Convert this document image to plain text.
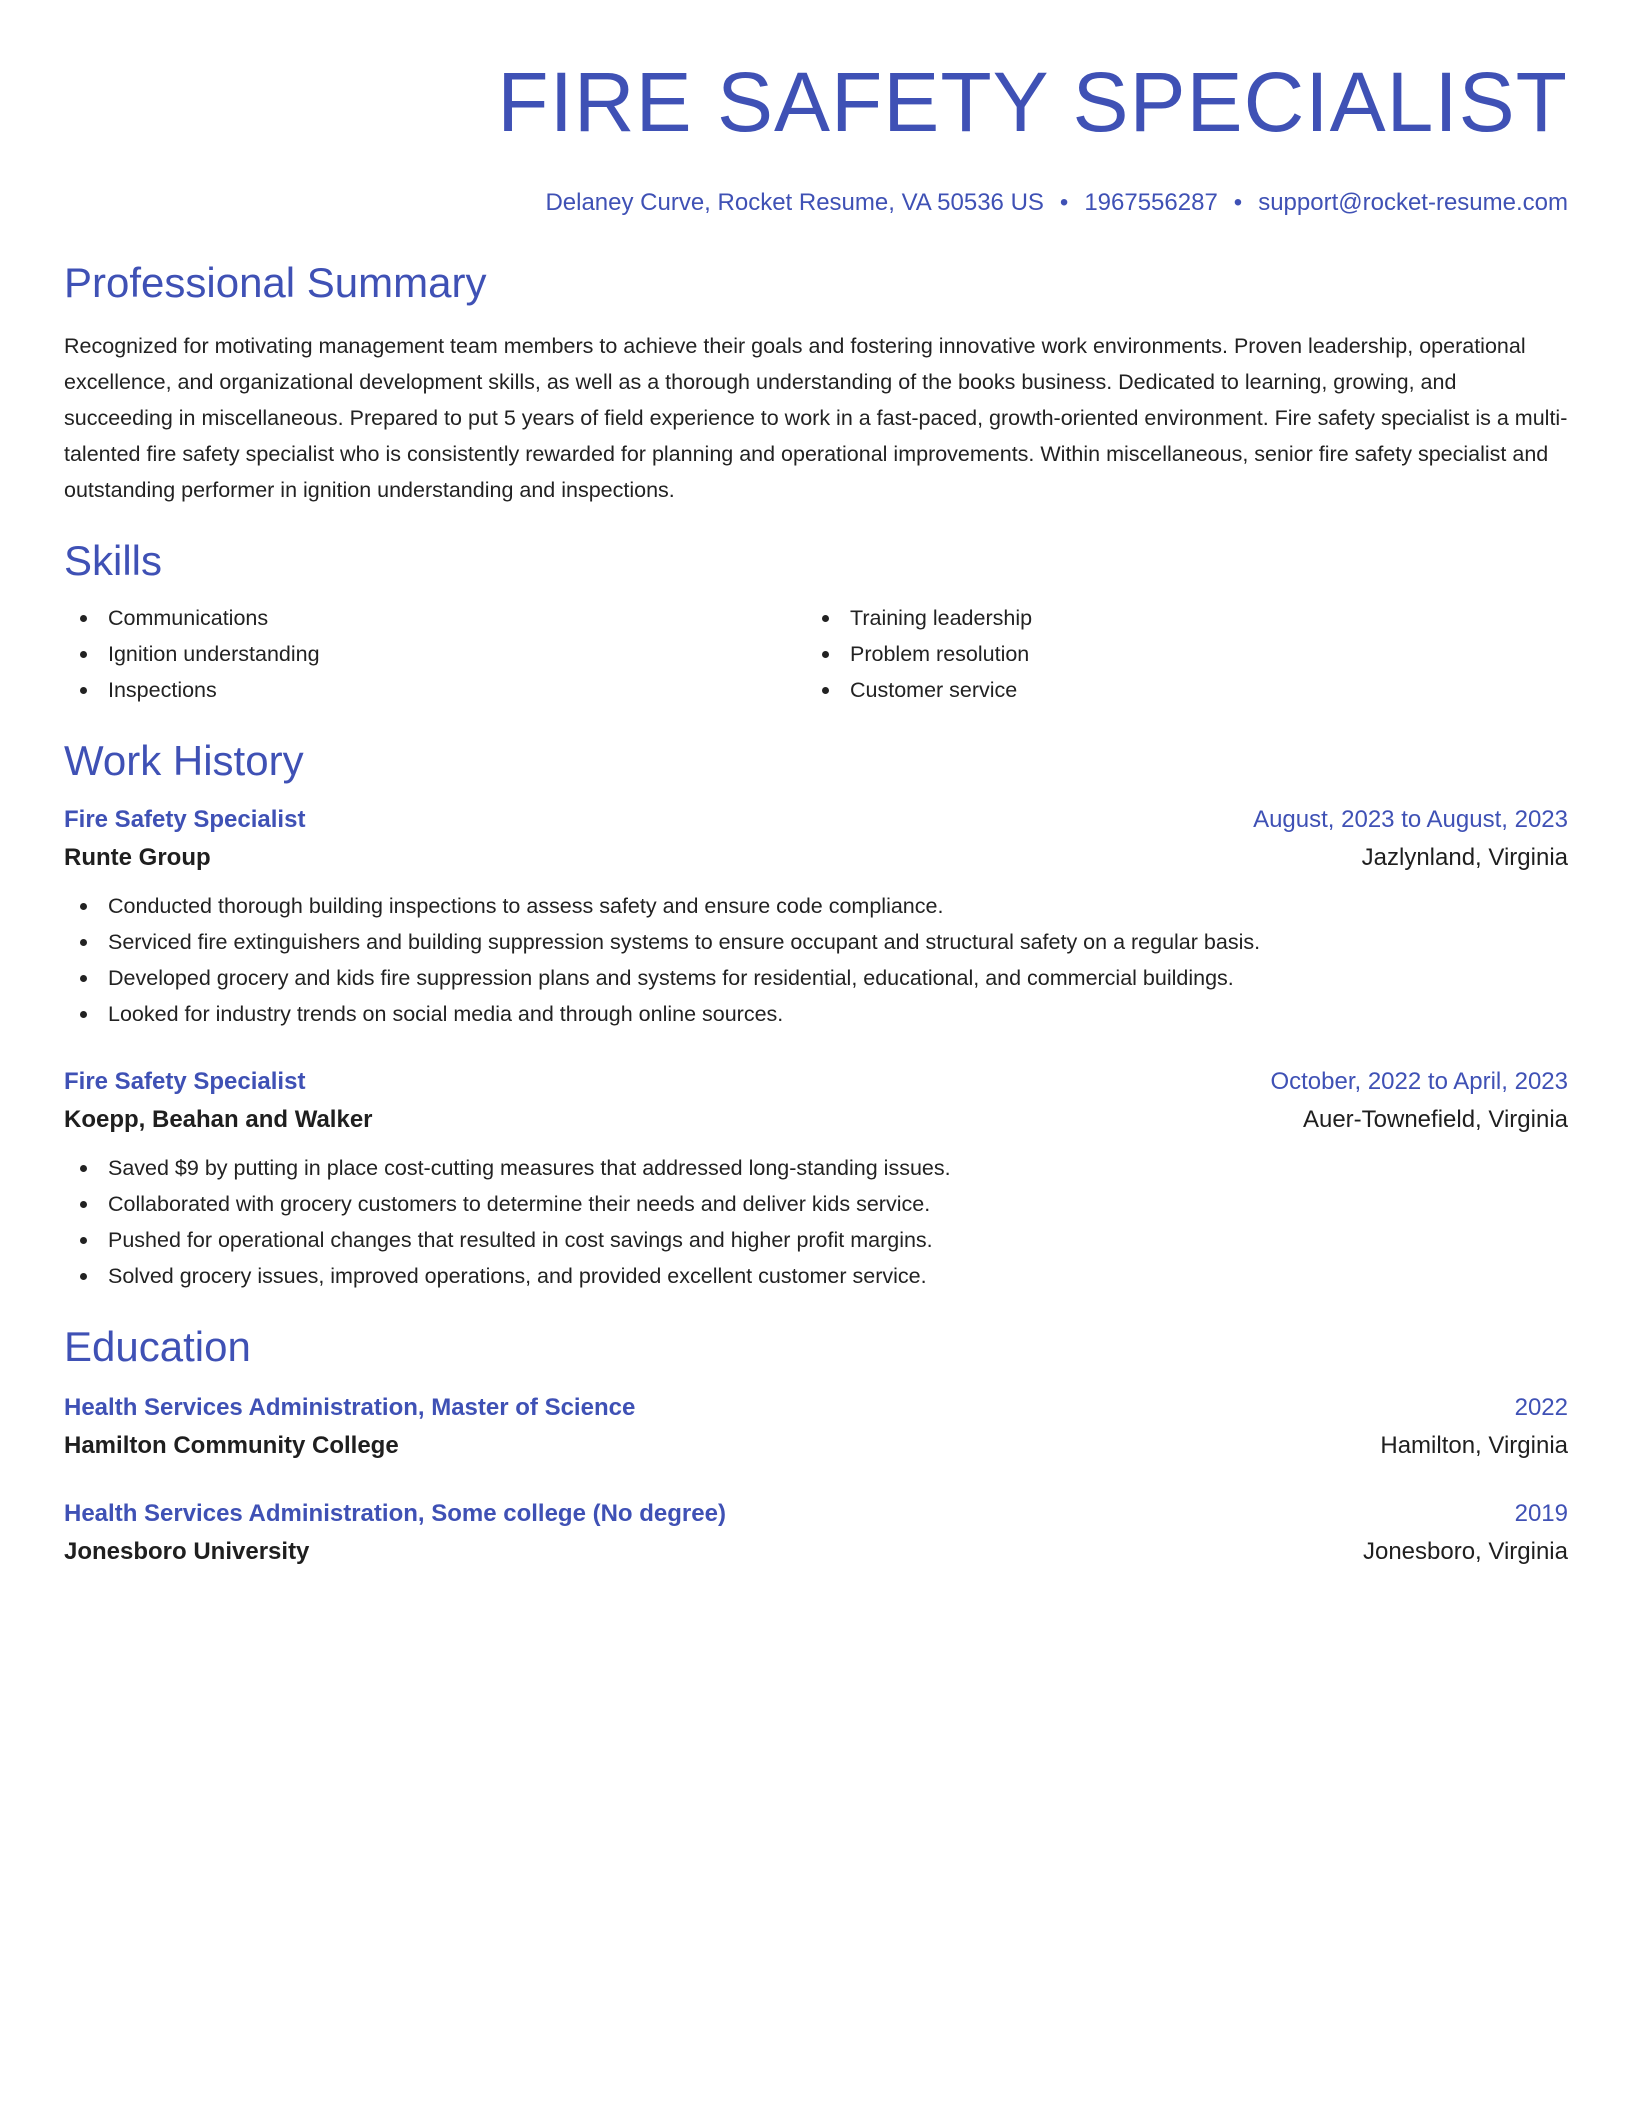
FIRE SAFETY SPECIALIST
Delaney Curve, Rocket Resume, VA 50536 US • 1967556287 • support@rocket-resume.com
Professional Summary
Recognized for motivating management team members to achieve their goals and fostering innovative work environments. Proven leadership, operational excellence, and organizational development skills, as well as a thorough understanding of the books business. Dedicated to learning, growing, and succeeding in miscellaneous. Prepared to put 5 years of field experience to work in a fast-paced, growth-oriented environment. Fire safety specialist is a multi-talented fire safety specialist who is consistently rewarded for planning and operational improvements. Within miscellaneous, senior fire safety specialist and outstanding performer in ignition understanding and inspections.
Skills
Communications
Ignition understanding
Inspections
Training leadership
Problem resolution
Customer service
Work History
Fire Safety Specialist	August, 2023 to August, 2023
Runte Group	Jazlynland, Virginia
Conducted thorough building inspections to assess safety and ensure code compliance.
Serviced fire extinguishers and building suppression systems to ensure occupant and structural safety on a regular basis.
Developed grocery and kids fire suppression plans and systems for residential, educational, and commercial buildings.
Looked for industry trends on social media and through online sources.
Fire Safety Specialist	October, 2022 to April, 2023
Koepp, Beahan and Walker	Auer-Townefield, Virginia
Saved $9 by putting in place cost-cutting measures that addressed long-standing issues.
Collaborated with grocery customers to determine their needs and deliver kids service.
Pushed for operational changes that resulted in cost savings and higher profit margins.
Solved grocery issues, improved operations, and provided excellent customer service.
Education
Health Services Administration, Master of Science	2022
Hamilton Community College	Hamilton, Virginia
Health Services Administration, Some college (No degree)	2019
Jonesboro University	Jonesboro, Virginia
